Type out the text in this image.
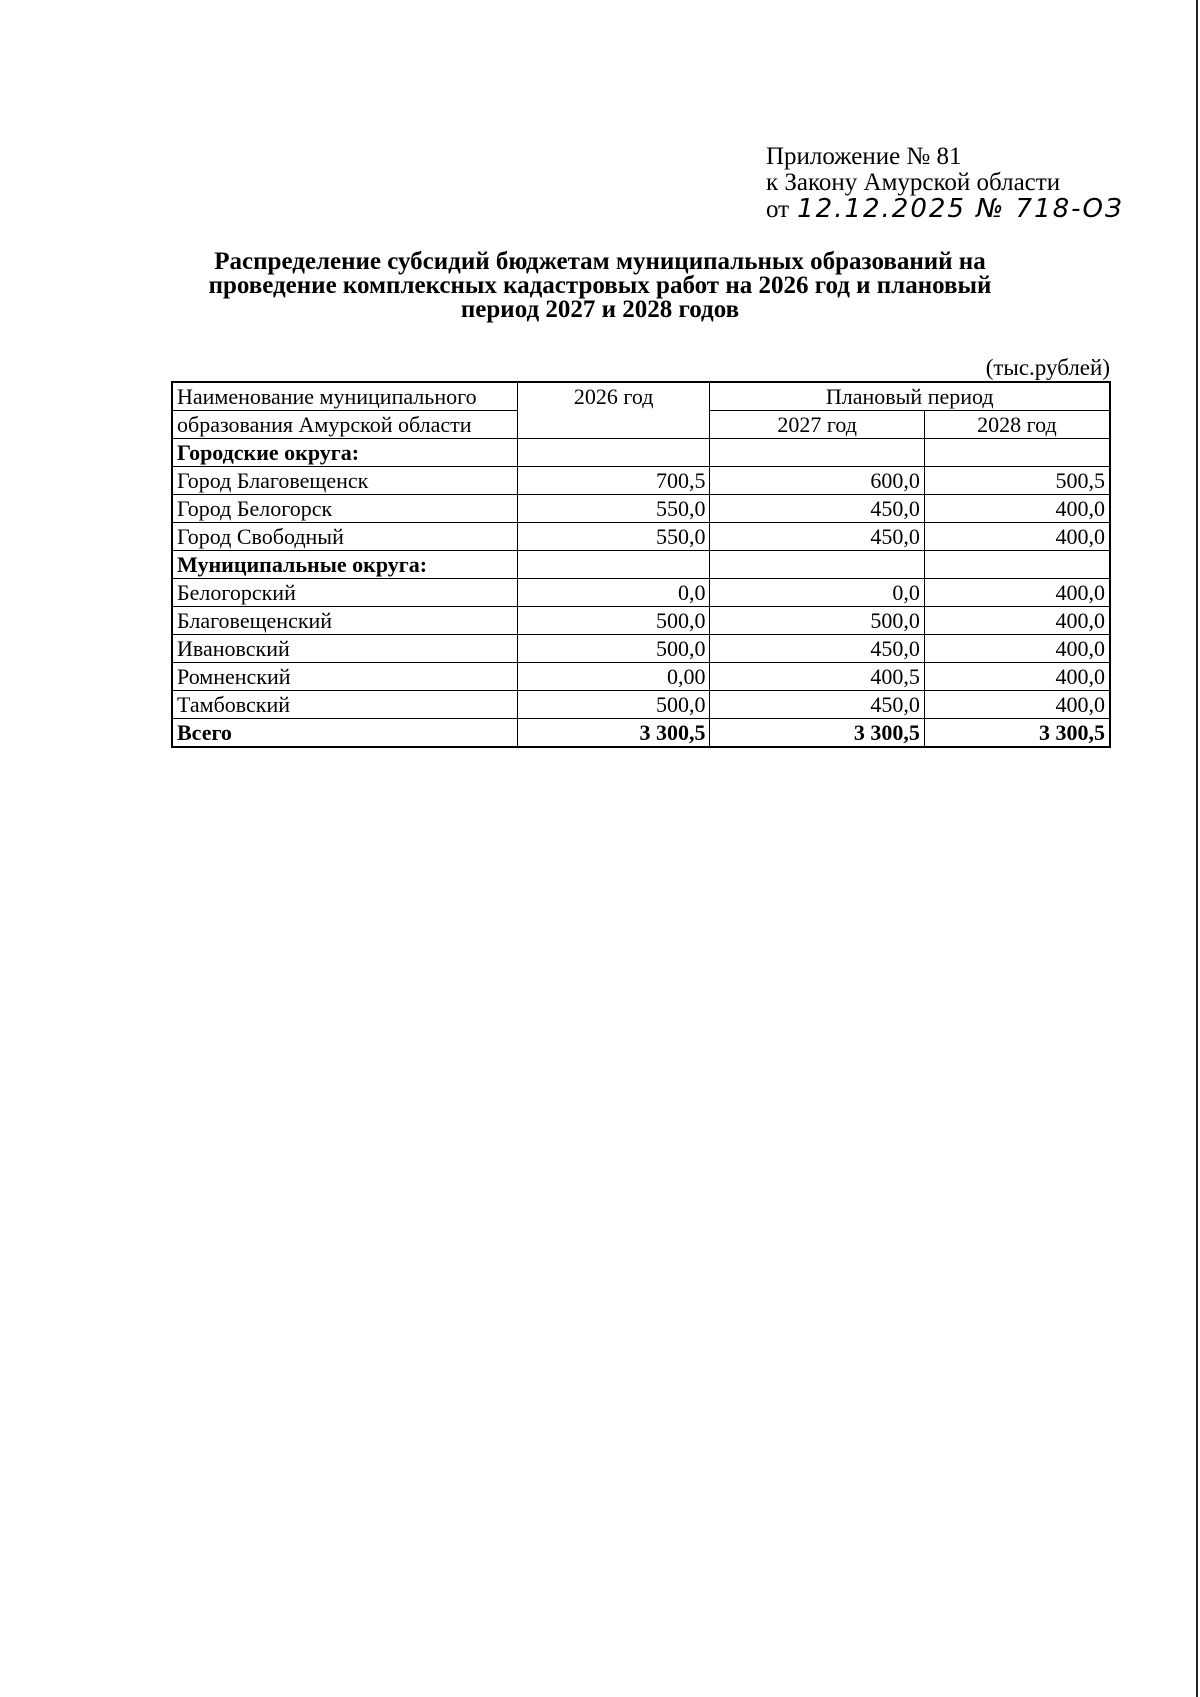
Приложение № 81
к Закону Амурской области
от 12.12.2025 № 718-ОЗ
Распределение субсидий бюджетам муниципальных образований на
проведение комплексных кадастровых работ на 2026 год и плановый
период 2027 и 2028 годов
(тыс.рублей)
Наименование муниципального	2026 год	Плановый период	
образования Амурской области		2027 год	2028 год
Городские округа:			
Город Благовещенск	700,5	600,0	500,5
Город Белогорск	550,0	450,0	400,0
Город Свободный	550,0	450,0	400,0
Муниципальные округа:			
Белогорский	0,0	0,0	400,0
Благовещенский	500,0	500,0	400,0
Ивановский	500,0	450,0	400,0
Ромненский	0,00	400,5	400,0
Тамбовский	500,0	450,0	400,0
Всего	3 300,5	3 300,5	3 300,5
